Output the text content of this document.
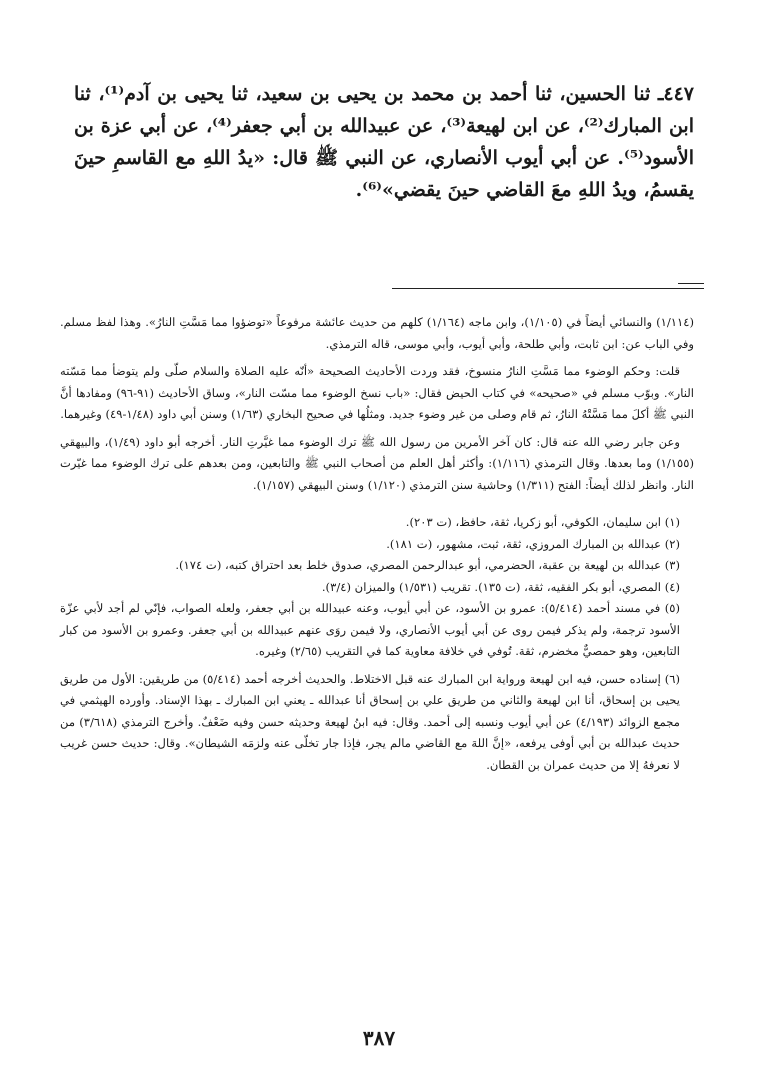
٤٤٧ـ ثنا الحسين، ثنا أحمد بن محمد بن يحيى بن سعيد، ثنا يحيى بن آدم⁽¹⁾، ثنا ابن المبارك⁽²⁾، عن ابن لهيعة⁽³⁾، عن عبيدالله بن أبي جعفر⁽⁴⁾، عن أبي عزة بن الأسود⁽⁵⁾. عن أبي أيوب الأنصاري، عن النبي ﷺ قال: «يدُ اللهِ مع القاسمِ حينَ يقسمُ، ويدُ اللهِ معَ القاضي حينَ يقضي»⁽⁶⁾.

(١/١١٤) والنسائي أيضاً في (١/١٠٥)، وابن ماجه (١/١٦٤) كلهم من حديث عائشة مرفوعاً «توضؤوا مما مَسَّتِ النارُ». وهذا لفظ مسلم. وفي الباب عن: ابن ثابت، وأبي طلحة، وأبي أيوب، وأبي موسى، قاله الترمذي.

قلت: وحكم الوضوء مما مَسَّتِ النارُ منسوخ، فقد وردت الأحاديث الصحيحة «أنّه عليه الصلاة والسلام صلّى ولم يتوضأ مما مَسّته النار». وبوّب مسلم في «صحيحه» في كتاب الحيض فقال: «باب نسخ الوضوء مما مسّت النار»، وساق الأحاديث (٩١-٩٦) ومفادها أنَّ النبي ﷺ أكلَ مما مَسَّتْهُ النارُ، ثم قام وصلى من غير وضوء جديد. ومثلُها في صحيح البخاري (١/٦٣) وسنن أبي داود (١/٤٨-٤٩) وغيرهما.

وعن جابر رضي الله عنه قال: كان آخر الأمرين من رسول الله ﷺ ترك الوضوء مما غيَّرتِ النار. أخرجه أبو داود (١/٤٩)، والبيهقي (١/١٥٥) وما بعدها. وقال الترمذي (١/١١٦): وأكثر أهل العلم من أصحاب النبي ﷺ والتابعين، ومن بعدهم على ترك الوضوء مما غيّرت النار. وانظر لذلك أيضاً: الفتح (١/٣١١) وحاشية سنن الترمذي (١/١٢٠) وسنن البيهقي (١/١٥٧).

(١) ابن سليمان، الكوفي، أبو زكريا، ثقة، حافظ، (ت ٢٠٣).
(٢) عبدالله بن المبارك المروزي، ثقة، ثبت، مشهور، (ت ١٨١).
(٣) عبدالله بن لهيعة بن عقبة، الحضرمي، أبو عبدالرحمن المصري، صدوق خلط بعد احتراق كتبه، (ت ١٧٤).
(٤) المصري، أبو بكر الفقيه، ثقة، (ت ١٣٥). تقريب (١/٥٣١) والميزان (٣/٤).
(٥) في مسند أحمد (٥/٤١٤): عمرو بن الأسود، عن أبي أيوب، وعنه عبيدالله بن أبي جعفر، ولعله الصواب، فإنّي لم أجد لأبي عزّة الأسود ترجمة، ولم يذكر فيمن روى عن أبي أيوب الأنصاري، ولا فيمن روَى عنهم عبيدالله بن أبي جعفر. وعمرو بن الأسود من كبار التابعين، وهو حمصيٌّ مخضرم، ثقة. تُوفي في خلافة معاوية كما في التقريب (٢/٦٥) وغيره.
(٦) إسناده حسن، فيه ابن لهيعة ورواية ابن المبارك عنه قبل الاختلاط. والحديث أخرجه أحمد (٥/٤١٤) من طريقين: الأول من طريق يحيى بن إسحاق، أنا ابن لهيعة والثاني من طريق علي بن إسحاق أنا عبدالله ـ يعني ابن المبارك ـ بهذا الإسناد. وأورده الهيثمي في مجمع الزوائد (٤/١٩٣) عن أبي أيوب ونسبه إلى أحمد. وقال: فيه ابنُ لهيعة وحديثه حسن وفيه ضَعْفٌ. وأخرج الترمذي (٣/٦١٨) من حديث عبدالله بن أبي أوفى يرفعه، «إنَّ اللهَ مع القاضي مالم يجر، فإذا جار تخلّى عنه ولزمَه الشيطان». وقال: حديث حسن غريب لا نعرفهُ إلا من حديث عمران بن القطان.
٣٨٧
